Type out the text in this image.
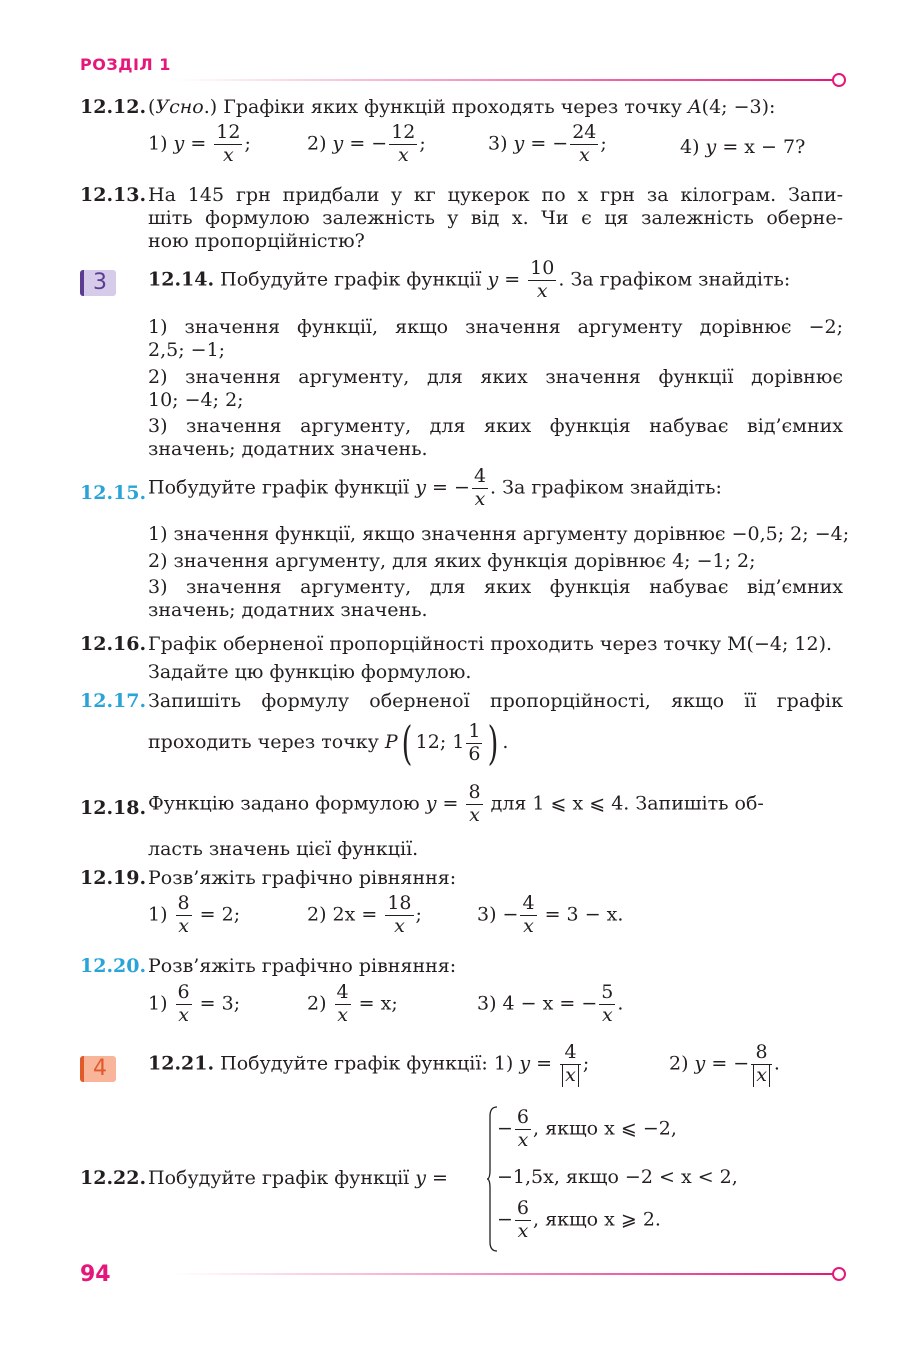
РОЗДІЛ 1
12.12. (Усно.) Графіки яких функцій проходять через точку A(4; −3):
1) $y = \frac{12}{x}$ ;	2) y = − $\frac{12}{x}$ ;	3) y = − $\frac{24}{x}$ ;	4) y = x − 7?
12.13. На 145 грн придбали y кг цукерок по x грн за кілограм. Запи-
шіть формулою залежність y від x. Чи є ця залежність оберне-
ною пропорційністю?
3	12.14. Побудуйте графік функції $y = \frac{10}{x}$ . За графіком знайдіть:
1) значення функції, якщо значення аргументу дорівнює −2;
2,5; −1;
2) значення аргументу, для яких значення функції дорівнює
10; −4; 2;
3) значення аргументу, для яких функція набуває від’ємних
значень; додатних значень.
12.15. Побудуйте графік функції y = − $\frac{4}{x}$ . За графіком знайдіть:
1) значення функції, якщо значення аргументу дорівнює −0,5; 2; −4;
2) значення аргументу, для яких функція дорівнює 4; −1; 2;
3) значення аргументу, для яких функція набуває від’ємних
значень; додатних значень.
12.16. Графік оберненої пропорційності проходить через точку M(−4; 12).
Задайте цю функцію формулою.
12.17. Запишіть формулу оберненої пропорційності, якщо її графік
проходить через точку P( 12; $1 \frac{1}{6}$ ) .
12.18. Функцію задано формулою $y = \frac{8}{x}$ для 1 ⩽ x ⩽ 4. Запишіть об-
ласть значень цієї функції.
12.19. Розв’яжіть графічно рівняння:
$1) \frac{8}{x} = 2$;	2) $2x = \frac{18}{x}$ ;	$3) - \frac{4}{x} = 3 - x$.
12.20. Розв’яжіть графічно рівняння:
$1) \frac{6}{x} = 3$;	$2) \frac{4}{x} = x$;	3) 4 − x = − $\frac{5}{x}$ .
4	12.21. Побудуйте графік функції: 1) $y = \frac{4}{x}$ ;	2) y = − $\frac{8}{x}$ .
12.22. Побудуйте графік функції y =
− $\frac{6}{x}$ , якщо x ⩽ −2,
−1,5x, якщо −2 < x < 2,
− $\frac{6}{x}$ , якщо x ⩾ 2.
94
